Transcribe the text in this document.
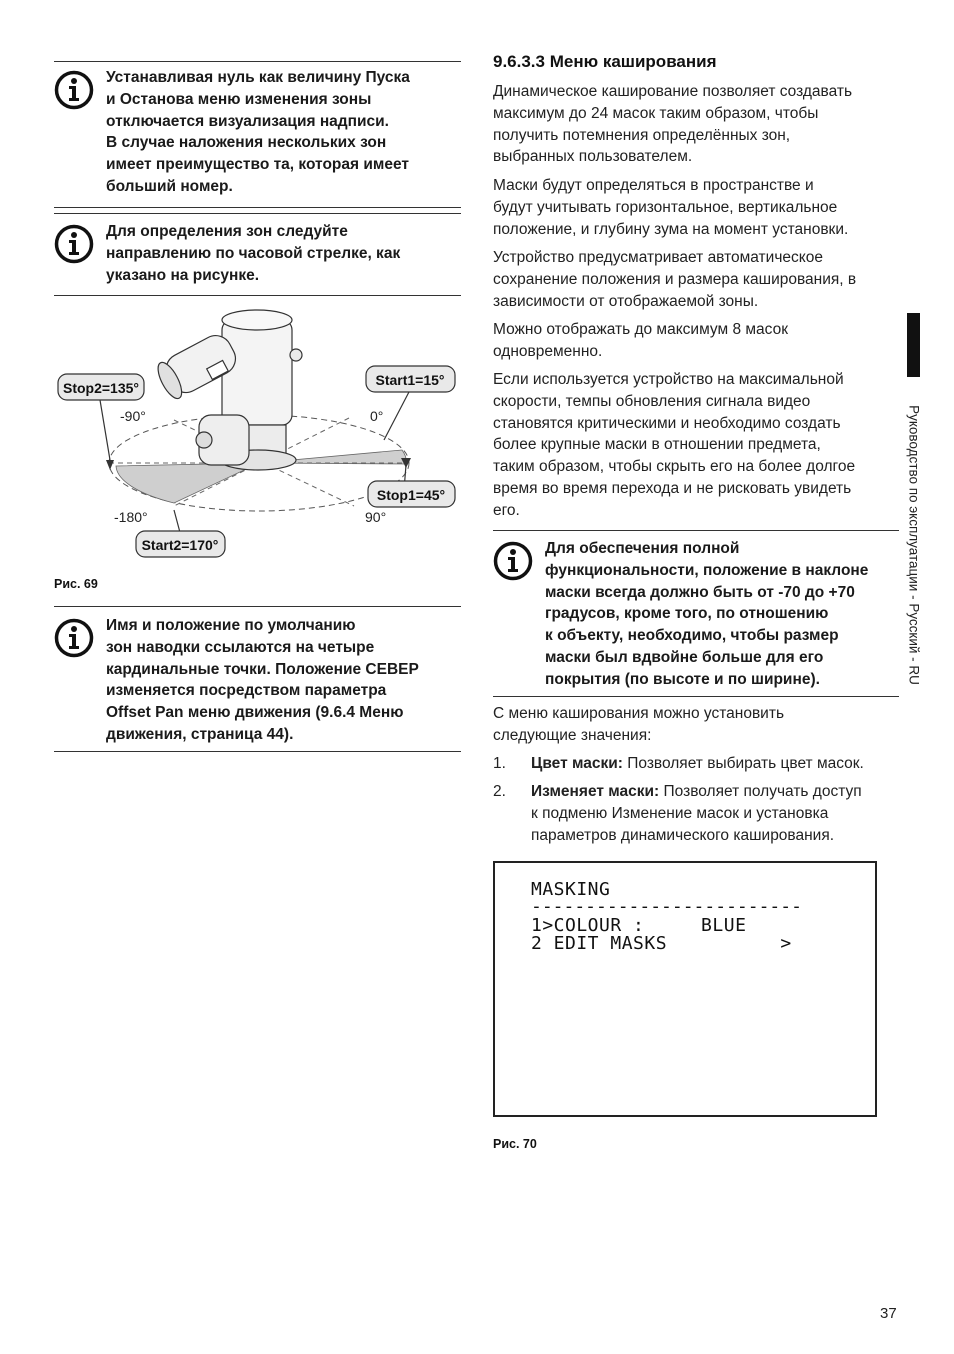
Устанавливая нуль как величину Пуска
и Останова меню изменения зоны
отключается визуализация надписи.
В случае наложения нескольких зон
имеет преимущество та, которая имеет
больший номер.
Для определения зон следуйте
направлению по часовой стрелке, как
указано на рисунке.
Stop2=135°	Start1=15°
Stop1=45°
Start2=170°
-90°	0°
-180°	90°
Рис. 69
Имя и положение по умолчанию
зон наводки ссылаются на четыре
кардинальные точки. Положение СЕВЕР
изменяется посредством параметра
Offset Pan меню движения (9.6.4 Меню
движения, страница 44).
9.6.3.3 Меню каширования
Динамическое каширование позволяет создавать
максимум до 24 масок таким образом, чтобы
получить потемнения определённых зон,
выбранных пользователем.
Маски будут определяться в пространстве и
будут учитывать горизонтальное, вертикальное
положение, и глубину зума на момент установки.
Устройство предусматривает автоматическое
сохранение положения и размера каширования, в
зависимости от отображаемой зоны.
Можно отображать до максимум 8 масок
одновременно.
Если используется устройство на максимальной
скорости, темпы обновления сигнала видео
становятся критическими и необходимо создать
более крупные маски в отношении предмета,
таким образом, чтобы скрыть его на более долгое
время во время перехода и не рисковать увидеть
его.
Для обеспечения полной
функциональности, положение в наклоне
маски всегда должно быть от -70 до +70
градусов, кроме того, по отношению
к объекту, необходимо, чтобы размер
маски был вдвойне больше для его
покрытия (по высоте и по ширине).
С меню каширования можно установить
следующие значения:
1. Цвет маски: Позволяет выбирать цвет масок.
2. Изменяет маски: Позволяет получать доступ
к подменю Изменение масок и установка
параметров динамического каширования.
MASKING
-------------------------
1>COLOUR :     BLUE
2 EDIT MASKS          >
Рис. 70
Руководство по эксплуатации - Русский - RU
37
